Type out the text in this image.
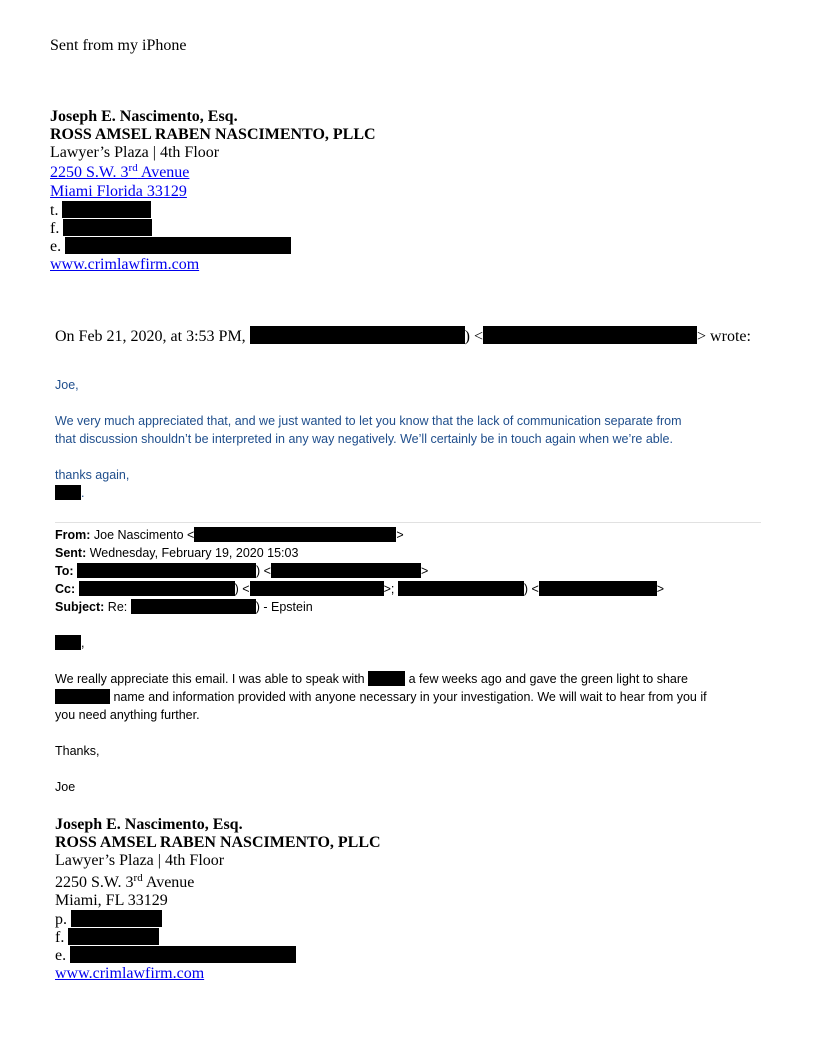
Sent from my iPhone
Joseph E. Nascimento, Esq.
ROSS AMSEL RABEN NASCIMENTO, PLLC
Lawyer’s Plaza | 4th Floor
2250 S.W. 3rd Avenue
Miami Florida 33129
t.
f.
e.
www.crimlawfirm.com
On Feb 21, 2020, at 3:53 PM,	) <	> wrote:
Joe,
We very much appreciated that, and we just wanted to let you know that the lack of communication separate from
that discussion shouldn’t be interpreted in any way negatively. We’ll certainly be in touch again when we’re able.
thanks again,
.
From: Joe Nascimento <	>
Sent: Wednesday, February 19, 2020 15:03
To:	) <	>
Cc:	) <	>;	) <	>
Subject: Re:	) - Epstein
,
We really appreciate this email. I was able to speak with	a few weeks ago and gave the green light to share
name and information provided with anyone necessary in your investigation. We will wait to hear from you if
you need anything further.
Thanks,
Joe
Joseph E. Nascimento, Esq.
ROSS AMSEL RABEN NASCIMENTO, PLLC
Lawyer’s Plaza | 4th Floor
2250 S.W. 3rd Avenue
Miami, FL 33129
p.
f.
e.
www.crimlawfirm.com
